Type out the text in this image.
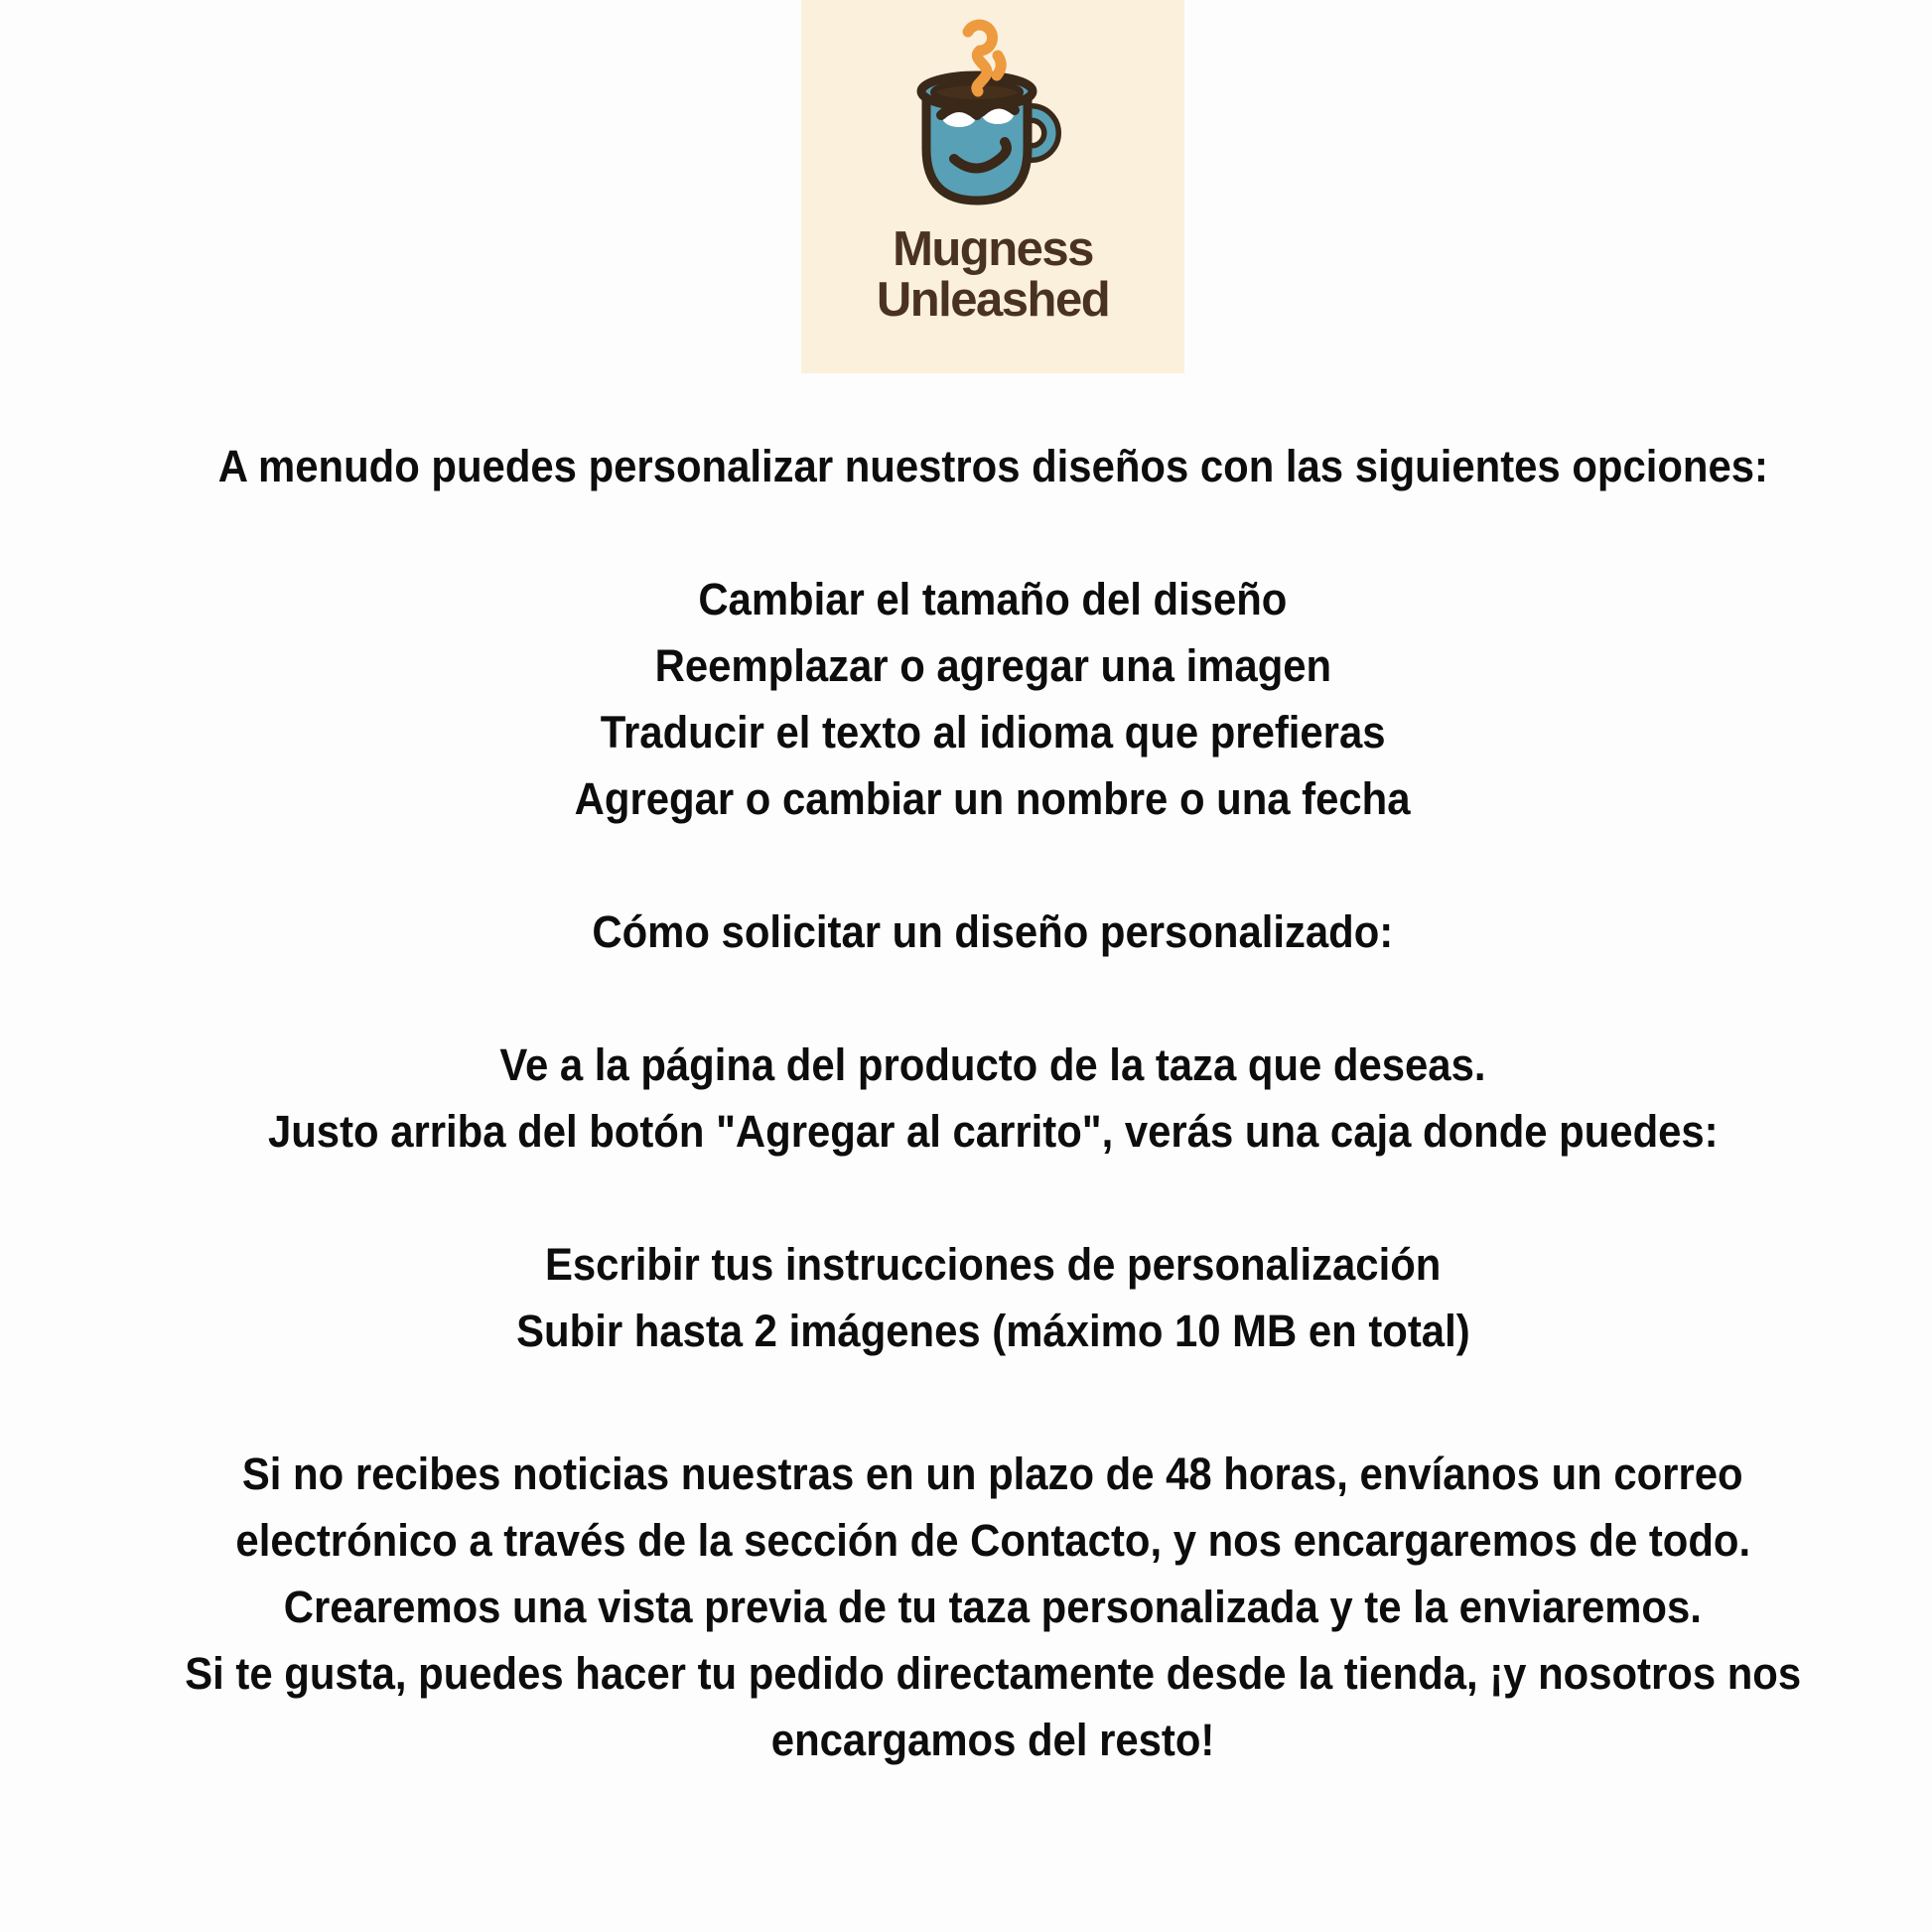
Mugness
Unleashed
A menudo puedes personalizar nuestros diseños con las siguientes opciones:
Cambiar el tamaño del diseño
Reemplazar o agregar una imagen
Traducir el texto al idioma que prefieras
Agregar o cambiar un nombre o una fecha
Cómo solicitar un diseño personalizado:
Ve a la página del producto de la taza que deseas.
Justo arriba del botón "Agregar al carrito", verás una caja donde puedes:
Escribir tus instrucciones de personalización
Subir hasta 2 imágenes (máximo 10 MB en total)
Si no recibes noticias nuestras en un plazo de 48 horas, envíanos un correo
electrónico a través de la sección de Contacto, y nos encargaremos de todo.
Crearemos una vista previa de tu taza personalizada y te la enviaremos.
Si te gusta, puedes hacer tu pedido directamente desde la tienda, ¡y nosotros nos
encargamos del resto!
